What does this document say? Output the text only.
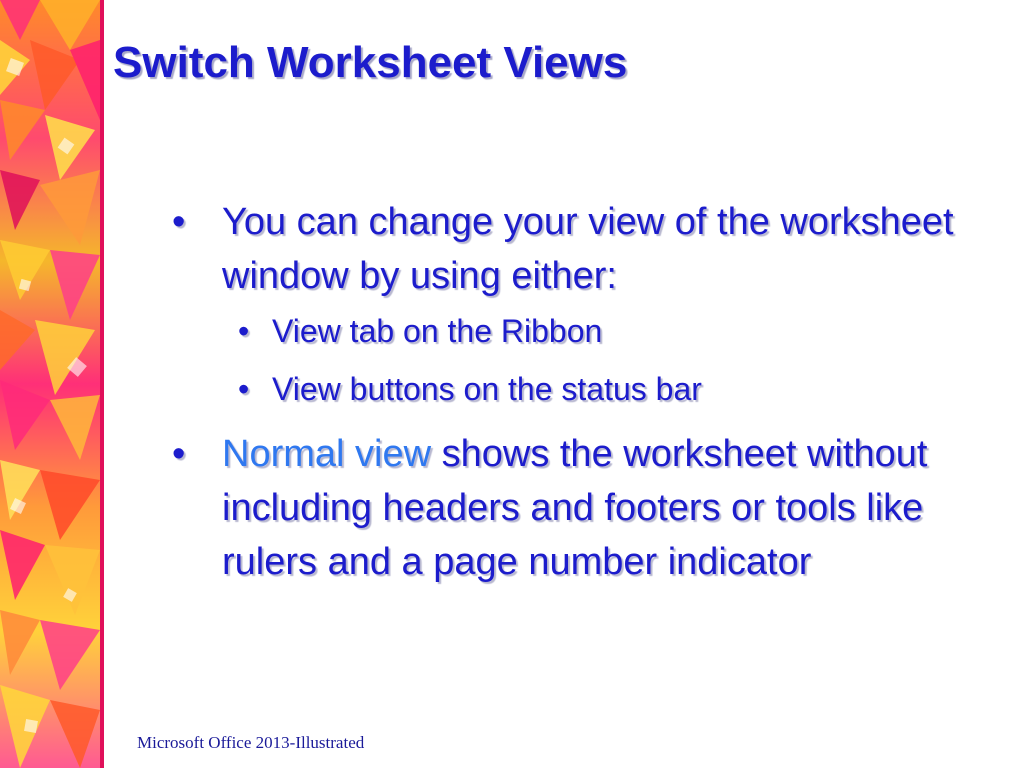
Switch Worksheet Views
• You can change your view of the worksheet window by using either:
• View tab on the Ribbon
• View buttons on the status bar
• Normal view shows the worksheet without including headers and footers or tools like rulers and a page number indicator
Microsoft Office 2013-Illustrated
